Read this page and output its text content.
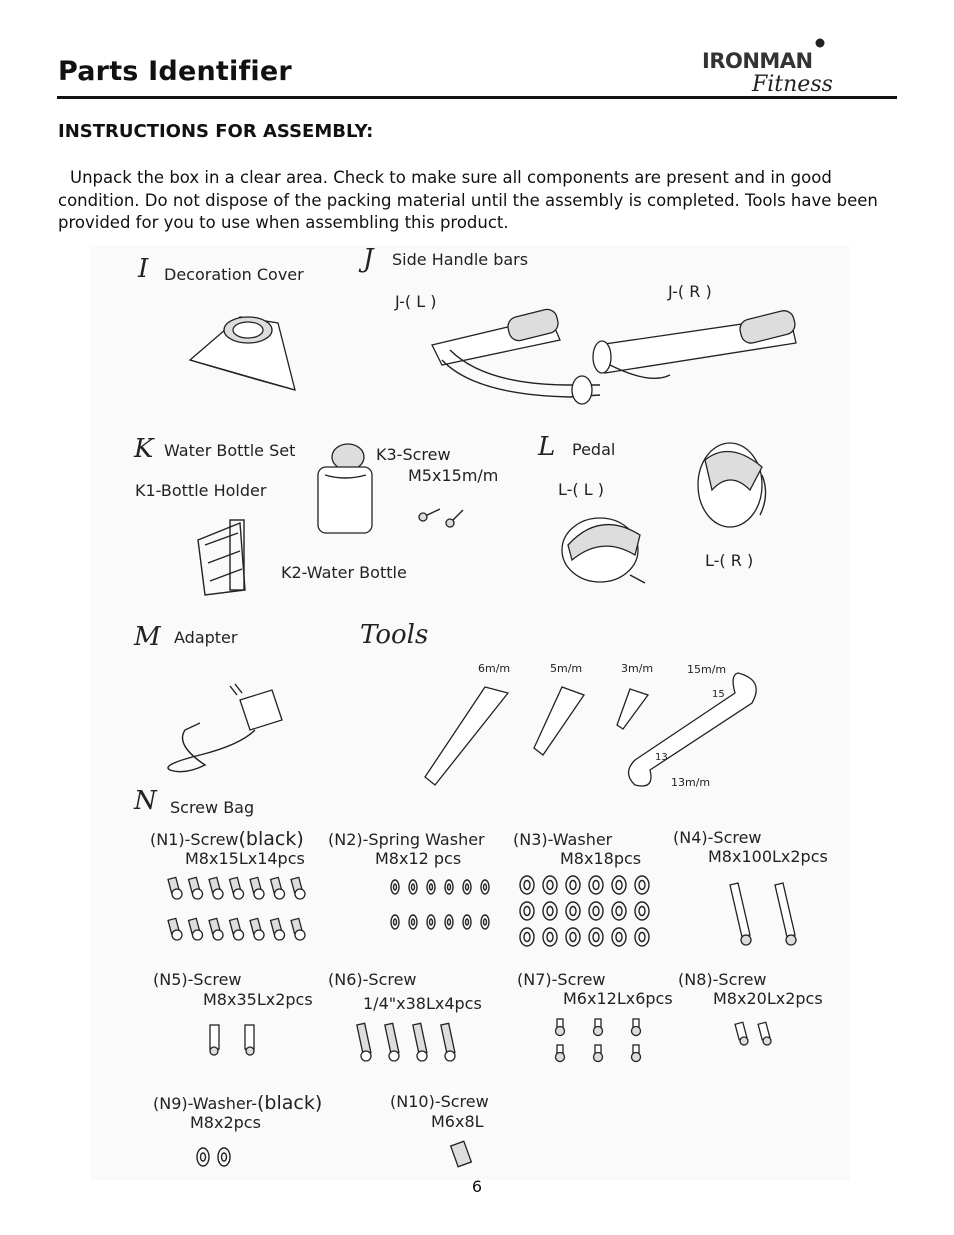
Parts Identifier	IRONMAN
Fitness
INSTRUCTIONS FOR ASSEMBLY:

Unpack the box in a clear area. Check to make sure all components are present and in good condition. Do not dispose of the packing material until the assembly is completed. Tools have been provided for you to use when assembling this product.

I Decoration Cover
J Side Handle bars
J-( L )
J-( R )
K Water Bottle Set
K1-Bottle Holder
K2-Water Bottle
K3-Screw
M5x15m/m
L Pedal
L-( L )
L-( R )
M Adapter	Tools
6m/m	5m/m	3m/m	15m/m
13m/m
15
13
N Screw Bag
(N1)-Screw(black)
M8x15Lx14pcs
(N2)-Spring Washer
M8x12 pcs
(N3)-Washer
M8x18pcs
(N4)-Screw
M8x100Lx2pcs
(N5)-Screw
M8x35Lx2pcs
(N6)-Screw
1/4"x38Lx4pcs
(N7)-Screw
M6x12Lx6pcs
(N8)-Screw
M8x20Lx2pcs
(N9)-Washer-(black)
M8x2pcs
(N10)-Screw
M6x8L
6
